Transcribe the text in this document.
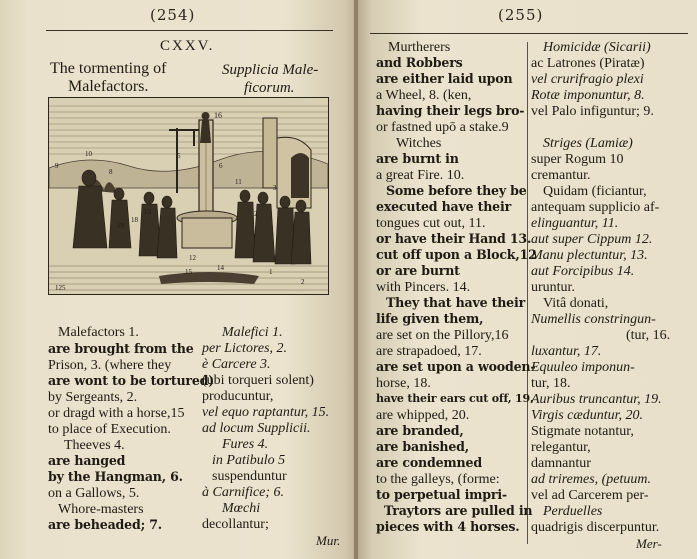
(254)
CXXV.
The tormenting of
Malefactors.
Supplicia Male-
ficorum.
16
9
8
10
19
18
5
13
6
11
2
3
12
14
15	1
2
125
Malefactors 1.
are brought from the
Prison, 3. (where they
are wont to be tortured)
by Sergeants, 2.
or dragd with a horse,15
to place of Execution.
Theeves 4.
are hanged
by the Hangman, 6.
on a Gallows, 5.
Whore-masters
are beheaded; 7.
Malefici 1.
per Lictores, 2.
è Carcere 3.
(ubi torqueri solent)
producuntur,
vel equo raptantur, 15.
ad locum Supplicii.
Fures 4.
in Patibulo 5
suspenduntur
à Carnifice; 6.
Mœchi
decollantur;
Mur.
(255)
Murtherers
and Robbers
are either laid upon
a Wheel, 8. (ken,
having their legs bro-
or fastned upō a stake.9
Witches
are burnt in
a great Fire. 10.
Some before they be
executed have their
tongues cut out, 11.
or have their Hand 13.
cut off upon a Block,12
or are burnt
with Pincers. 14.
They that have their
life given them,
are set on the Pillory,16
are strapadoed, 17.
are set upon a wooden-
horse, 18.
have their ears cut off, 19.
are whipped, 20.
are branded,
are banished,
are condemned
to the galleys, (forme:
to perpetual impri-
Traytors are pulled in
pieces with 4 horses.
Homicidæ (Sicarii)
ac Latrones (Piratæ)
vel crurifragio plexi
Rotæ imponuntur, 8.
vel Palo infiguntur; 9.
Striges (Lamiæ)
super Rogum 10
cremantur.
Quidam (ficiantur,
antequam supplicio af-
elinguantur, 11.
aut super Cippum 12.
Manu plectuntur, 13.
aut Forcipibus 14.
uruntur.
Vitâ donati,
Numellis constringun-
(tur, 16.
luxantur, 17.
Equuleo imponun-
tur, 18.
Auribus truncantur, 19.
Virgis cæduntur, 20.
Stigmate notantur,
relegantur,
damnantur
ad triremes, (petuum.
vel ad Carcerem per-
Perduelles
quadrigis discerpuntur.
Mer-
